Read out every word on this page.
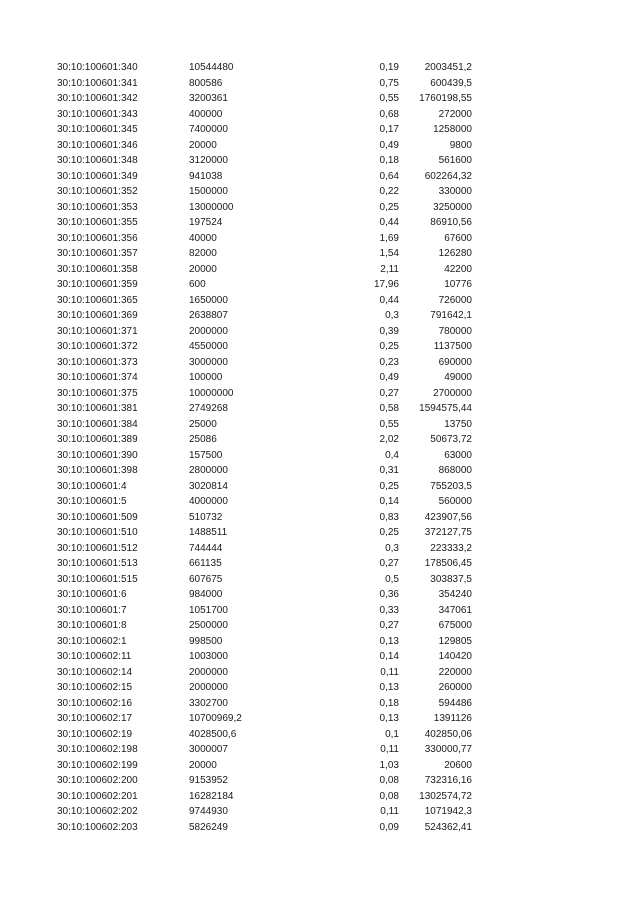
30:10:100601:340	10544480	0,19	2003451,2
30:10:100601:341	800586	0,75	600439,5
30:10:100601:342	3200361	0,55	1760198,55
30:10:100601:343	400000	0,68	272000
30:10:100601:345	7400000	0,17	1258000
30:10:100601:346	20000	0,49	9800
30:10:100601:348	3120000	0,18	561600
30:10:100601:349	941038	0,64	602264,32
30:10:100601:352	1500000	0,22	330000
30:10:100601:353	13000000	0,25	3250000
30:10:100601:355	197524	0,44	86910,56
30:10:100601:356	40000	1,69	67600
30:10:100601:357	82000	1,54	126280
30:10:100601:358	20000	2,11	42200
30:10:100601:359	600	17,96	10776
30:10:100601:365	1650000	0,44	726000
30:10:100601:369	2638807	0,3	791642,1
30:10:100601:371	2000000	0,39	780000
30:10:100601:372	4550000	0,25	1137500
30:10:100601:373	3000000	0,23	690000
30:10:100601:374	100000	0,49	49000
30:10:100601:375	10000000	0,27	2700000
30:10:100601:381	2749268	0,58	1594575,44
30:10:100601:384	25000	0,55	13750
30:10:100601:389	25086	2,02	50673,72
30:10:100601:390	157500	0,4	63000
30:10:100601:398	2800000	0,31	868000
30:10:100601:4	3020814	0,25	755203,5
30:10:100601:5	4000000	0,14	560000
30:10:100601:509	510732	0,83	423907,56
30:10:100601:510	1488511	0,25	372127,75
30:10:100601:512	744444	0,3	223333,2
30:10:100601:513	661135	0,27	178506,45
30:10:100601:515	607675	0,5	303837,5
30:10:100601:6	984000	0,36	354240
30:10:100601:7	1051700	0,33	347061
30:10:100601:8	2500000	0,27	675000
30:10:100602:1	998500	0,13	129805
30:10:100602:11	1003000	0,14	140420
30:10:100602:14	2000000	0,11	220000
30:10:100602:15	2000000	0,13	260000
30:10:100602:16	3302700	0,18	594486
30:10:100602:17	10700969,2	0,13	1391126
30:10:100602:19	4028500,6	0,1	402850,06
30:10:100602:198	3000007	0,11	330000,77
30:10:100602:199	20000	1,03	20600
30:10:100602:200	9153952	0,08	732316,16
30:10:100602:201	16282184	0,08	1302574,72
30:10:100602:202	9744930	0,11	1071942,3
30:10:100602:203	5826249	0,09	524362,41
